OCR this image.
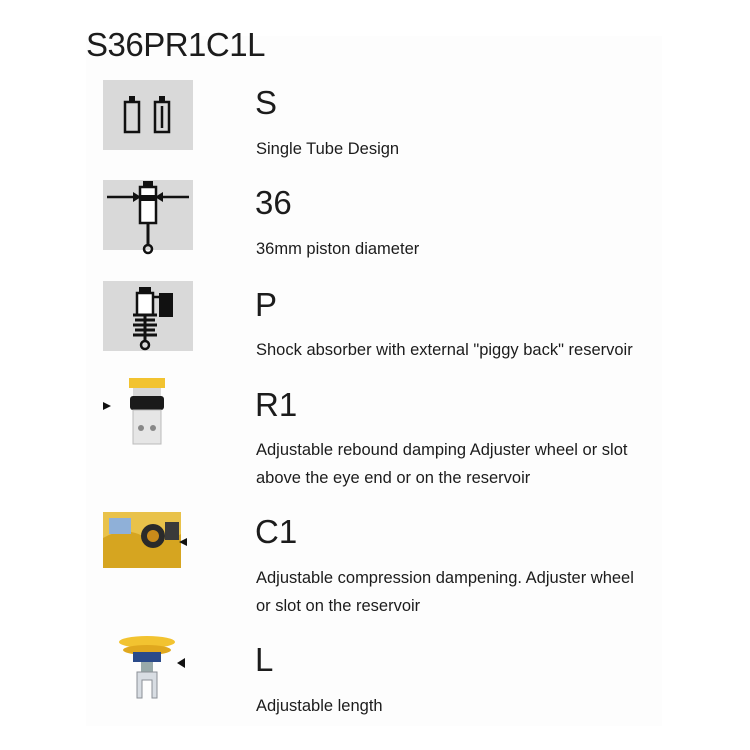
S36PR1C1L
S
Single Tube Design
36
36mm piston diameter
P
Shock absorber with external "piggy back" reservoir
R1
Adjustable rebound damping Adjuster wheel or slot
above the eye end or on the reservoir
C1
Adjustable compression dampening. Adjuster wheel
or slot on the reservoir
L
Adjustable length
